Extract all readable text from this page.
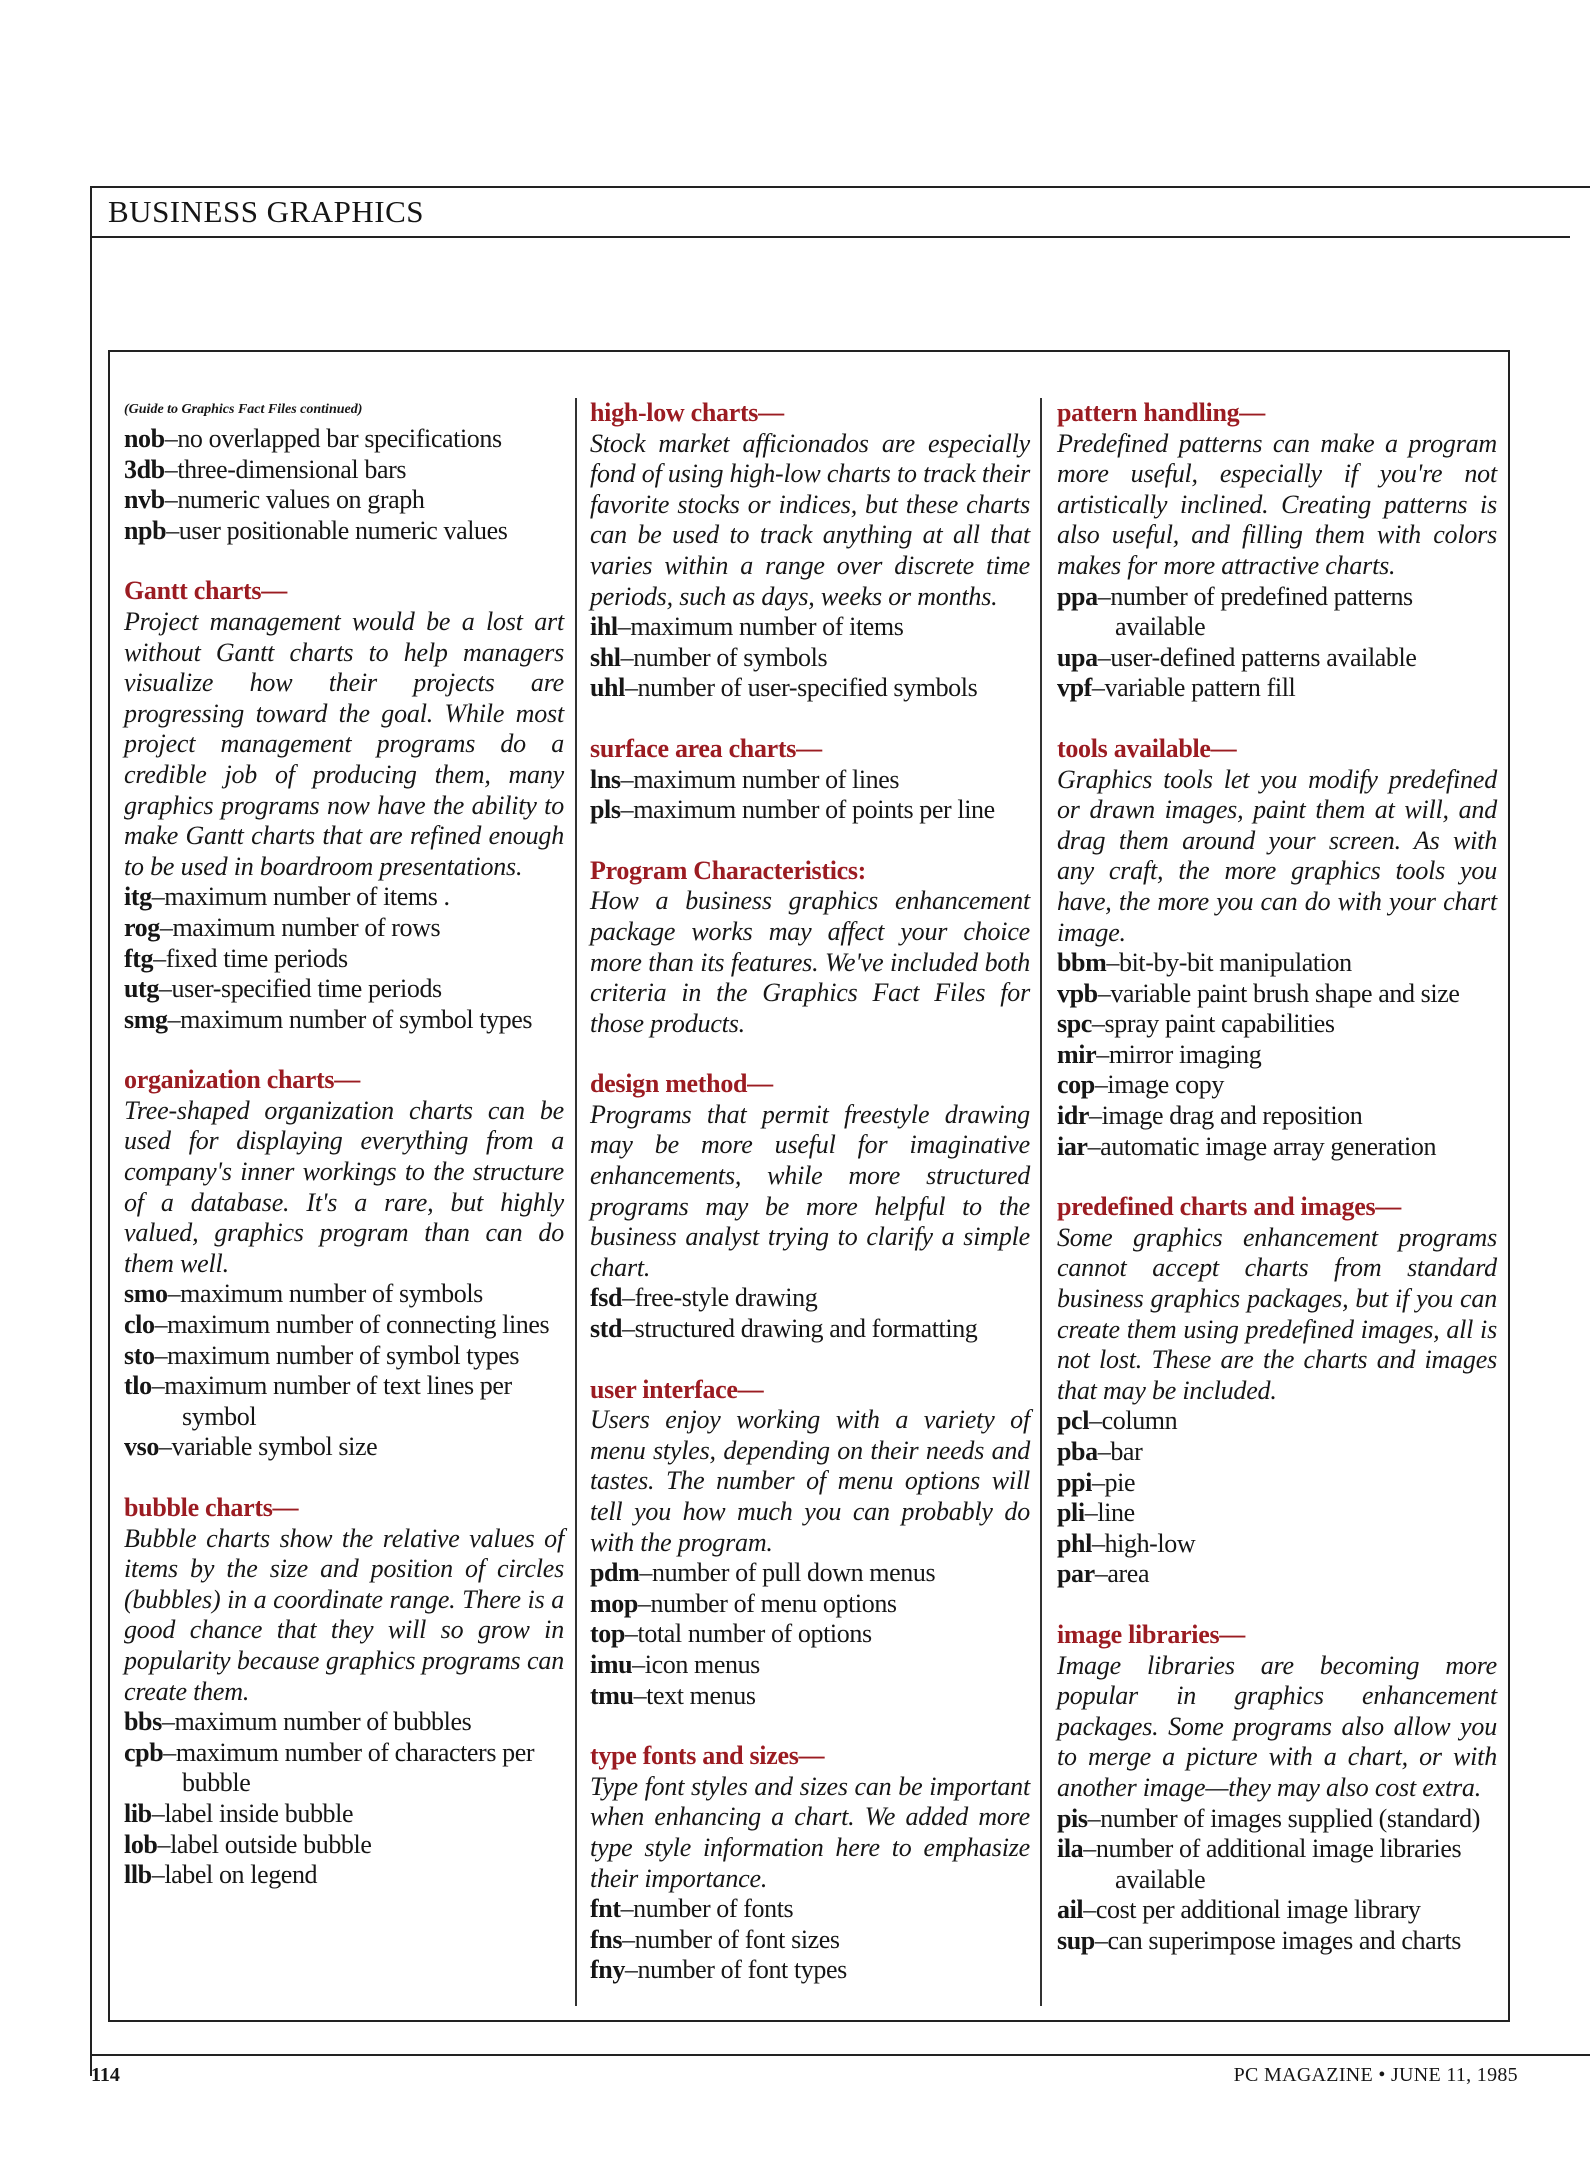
BUSINESS GRAPHICS
(Guide to Graphics Fact Files continued)
nob–no overlapped bar specifications
3db–three-dimensional bars
nvb–numeric values on graph
npb–user positionable numeric values
Gantt charts—
Project management would be a lost art without Gantt charts to help managers visualize how their projects are progressing toward the goal. While most project management programs do a credible job of producing them, many graphics programs now have the ability to make Gantt charts that are refined enough to be used in boardroom presentations.
itg–maximum number of items .
rog–maximum number of rows
ftg–fixed time periods
utg–user-specified time periods
smg–maximum number of symbol types
organization charts—
Tree-shaped organization charts can be used for displaying everything from a company's inner workings to the structure of a database. It's a rare, but highly valued, graphics program than can do them well.
smo–maximum number of symbols
clo–maximum number of connecting lines
sto–maximum number of symbol types
tlo–maximum number of text lines per symbol
vso–variable symbol size
bubble charts—
Bubble charts show the relative values of items by the size and position of circles (bubbles) in a coordinate range. There is a good chance that they will so grow in popularity because graphics programs can create them.
bbs–maximum number of bubbles
cpb–maximum number of characters per bubble
lib–label inside bubble
lob–label outside bubble
llb–label on legend
high-low charts—
Stock market afficionados are especially fond of using high-low charts to track their favorite stocks or indices, but these charts can be used to track anything at all that varies within a range over discrete time periods, such as days, weeks or months.
ihl–maximum number of items
shl–number of symbols
uhl–number of user-specified symbols
surface area charts—
lns–maximum number of lines
pls–maximum number of points per line
Program Characteristics:
How a business graphics enhancement package works may affect your choice more than its features. We've included both criteria in the Graphics Fact Files for those products.
design method—
Programs that permit freestyle drawing may be more useful for imaginative enhancements, while more structured programs may be more helpful to the business analyst trying to clarify a simple chart.
fsd–free-style drawing
std–structured drawing and formatting
user interface—
Users enjoy working with a variety of menu styles, depending on their needs and tastes. The number of menu options will tell you how much you can probably do with the program.
pdm–number of pull down menus
mop–number of menu options
top–total number of options
imu–icon menus
tmu–text menus
type fonts and sizes—
Type font styles and sizes can be important when enhancing a chart. We added more type style information here to emphasize their importance.
fnt–number of fonts
fns–number of font sizes
fny–number of font types
pattern handling—
Predefined patterns can make a program more useful, especially if you're not artistically inclined. Creating patterns is also useful, and filling them with colors makes for more attractive charts.
ppa–number of predefined patterns available
upa–user-defined patterns available
vpf–variable pattern fill
tools available—
Graphics tools let you modify predefined or drawn images, paint them at will, and drag them around your screen. As with any craft, the more graphics tools you have, the more you can do with your chart image.
bbm–bit-by-bit manipulation
vpb–variable paint brush shape and size
spc–spray paint capabilities
mir–mirror imaging
cop–image copy
idr–image drag and reposition
iar–automatic image array generation
predefined charts and images—
Some graphics enhancement programs cannot accept charts from standard business graphics packages, but if you can create them using predefined images, all is not lost. These are the charts and images that may be included.
pcl–column
pba–bar
ppi–pie
pli–line
phl–high-low
par–area
image libraries—
Image libraries are becoming more popular in graphics enhancement packages. Some programs also allow you to merge a picture with a chart, or with another image—they may also cost extra.
pis–number of images supplied (standard)
ila–number of additional image libraries available
ail–cost per additional image library
sup–can superimpose images and charts
114	PC MAGAZINE • JUNE 11, 1985
